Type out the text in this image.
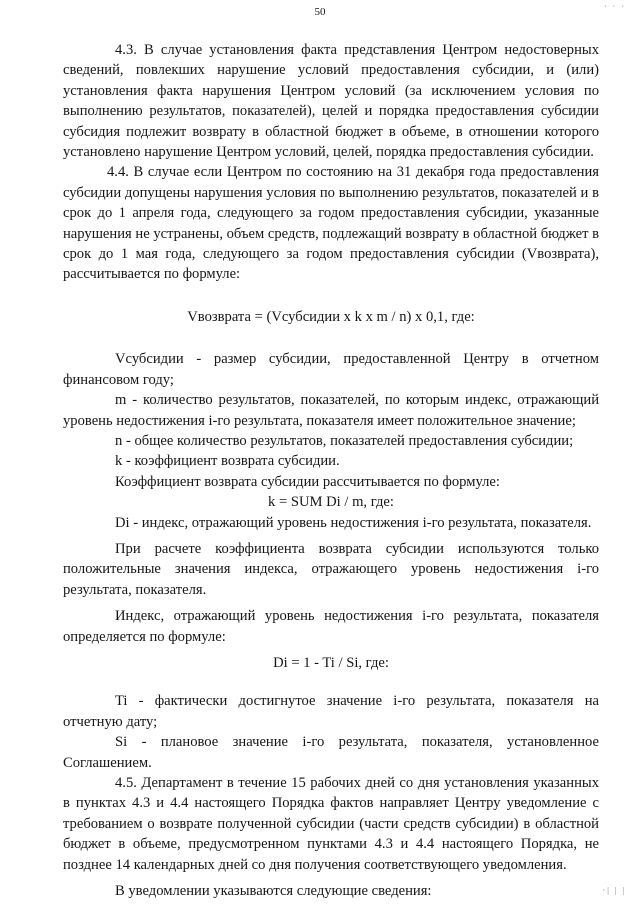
· · ·
50

4.3. В случае установления факта представления Центром недостоверных сведений, повлекших нарушение условий предоставления субсидии, и (или) установления факта нарушения Центром условий (за исключением условия по выполнению результатов, показателей), целей и порядка предоставления субсидии субсидия подлежит возврату в областной бюджет в объеме, в отношении которого установлено нарушение Центром условий, целей, порядка предоставления субсидии.

4.4. В случае если Центром по состоянию на 31 декабря года предоставления субсидии допущены нарушения условия по выполнению результатов, показателей и в срок до 1 апреля года, следующего за годом предоставления субсидии, указанные нарушения не устранены, объем средств, подлежащий возврату в областной бюджет в срок до 1 мая года, следующего за годом предоставления субсидии (Vвозврата), рассчитывается по формуле:

Vвозврата = (Vсубсидии x k x m / n) x 0,1, где:

Vсубсидии - размер субсидии, предоставленной Центру в отчетном финансовом году;

m - количество результатов, показателей, по которым индекс, отражающий уровень недостижения i-го результата, показателя имеет положительное значение;

n - общее количество результатов, показателей предоставления субсидии;

k - коэффициент возврата субсидии.

Коэффициент возврата субсидии рассчитывается по формуле:

k = SUM Di / m, где:

Di - индекс, отражающий уровень недостижения i-го результата, показателя.

При расчете коэффициента возврата субсидии используются только положительные значения индекса, отражающего уровень недостижения i-го результата, показателя.

Индекс, отражающий уровень недостижения i-го результата, показателя определяется по формуле:

Di = 1 - Ti / Si, где:

Ti - фактически достигнутое значение i-го результата, показателя на отчетную дату;

Si - плановое значение i-го результата, показателя, установленное Соглашением.

4.5. Департамент в течение 15 рабочих дней со дня установления указанных в пунктах 4.3 и 4.4 настоящего Порядка фактов направляет Центру уведомление с требованием о возврате полученной субсидии (части средств субсидии) в областной бюджет в объеме, предусмотренном пунктами 4.3 и 4.4 настоящего Порядка, не позднее 14 календарных дней со дня получения соответствующего уведомления.

В уведомлении указываются следующие сведения:	·| | |
